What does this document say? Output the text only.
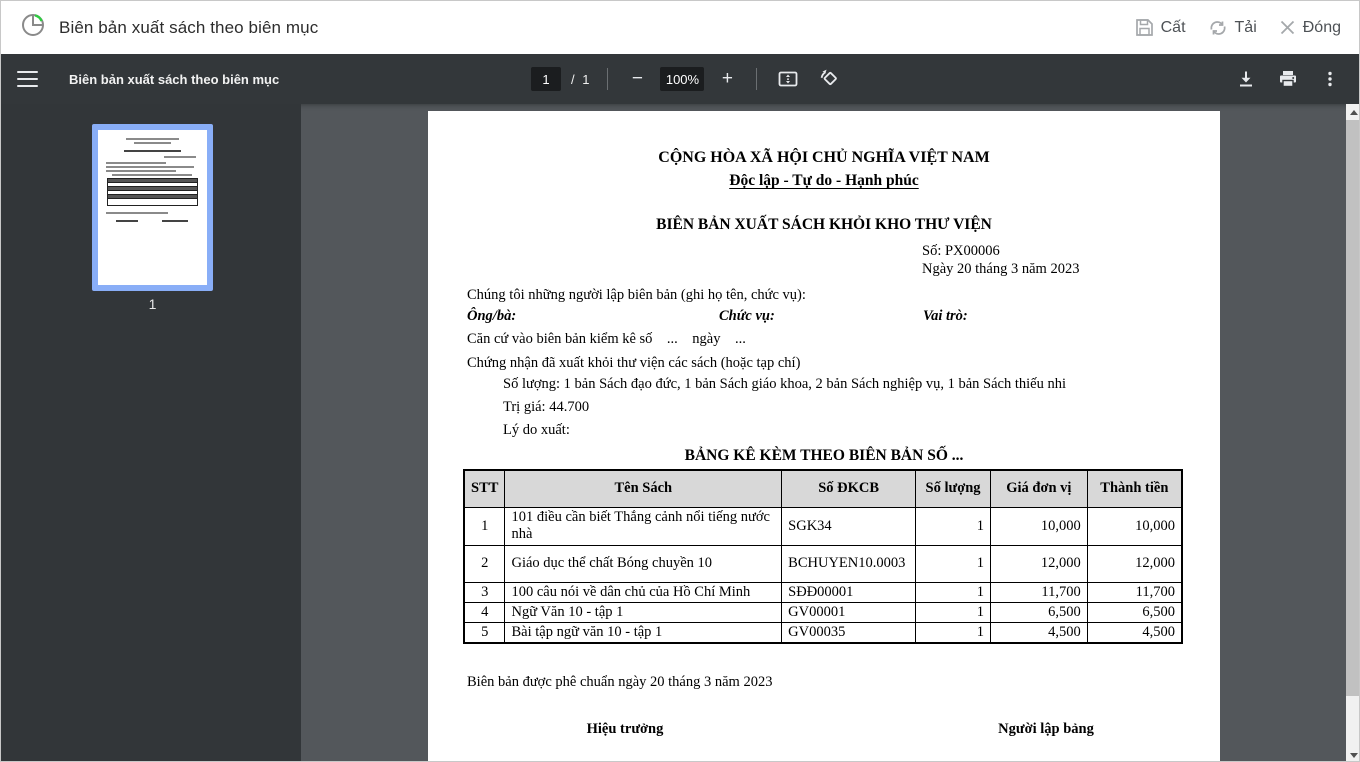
Biên bản xuất sách theo biên mục	Cất	Tải	Đóng
Biên bản xuất sách theo biên mục
1	/ 1	−	100%	+
1
CỘNG HÒA XÃ HỘI CHỦ NGHĨA VIỆT NAM
Độc lập - Tự do - Hạnh phúc
BIÊN BẢN XUẤT SÁCH KHỎI KHO THƯ VIỆN
Số: PX00006
Ngày 20 tháng 3 năm 2023
Chúng tôi những người lập biên bản (ghi họ tên, chức vụ):
Ông/bà:	Chức vụ:	Vai trò:
Căn cứ vào biên bản kiểm kê số    ...    ngày    ...
Chứng nhận đã xuất khỏi thư viện các sách (hoặc tạp chí)
Số lượng: 1 bản Sách đạo đức, 1 bản Sách giáo khoa, 2 bản Sách nghiệp vụ, 1 bản Sách thiếu nhi
Trị giá: 44.700
Lý do xuất:
BẢNG KÊ KÈM THEO BIÊN BẢN SỐ ...
STT	Tên Sách	Số ĐKCB	Số lượng	Giá đơn vị	Thành tiền
1	101 điều cần biết Thắng cảnh nổi tiếng nước nhà	SGK34	1	10,000	10,000
2	Giáo dục thể chất Bóng chuyền 10	BCHUYEN10.0003	1	12,000	12,000
3	100 câu nói về dân chủ của Hồ Chí Minh	SĐĐ00001	1	11,700	11,700
4	Ngữ Văn 10 - tập 1	GV00001	1	6,500	6,500
5	Bài tập ngữ văn 10 - tập 1	GV00035	1	4,500	4,500
Biên bản được phê chuẩn ngày 20 tháng 3 năm 2023
Hiệu trưởng	Người lập bảng
